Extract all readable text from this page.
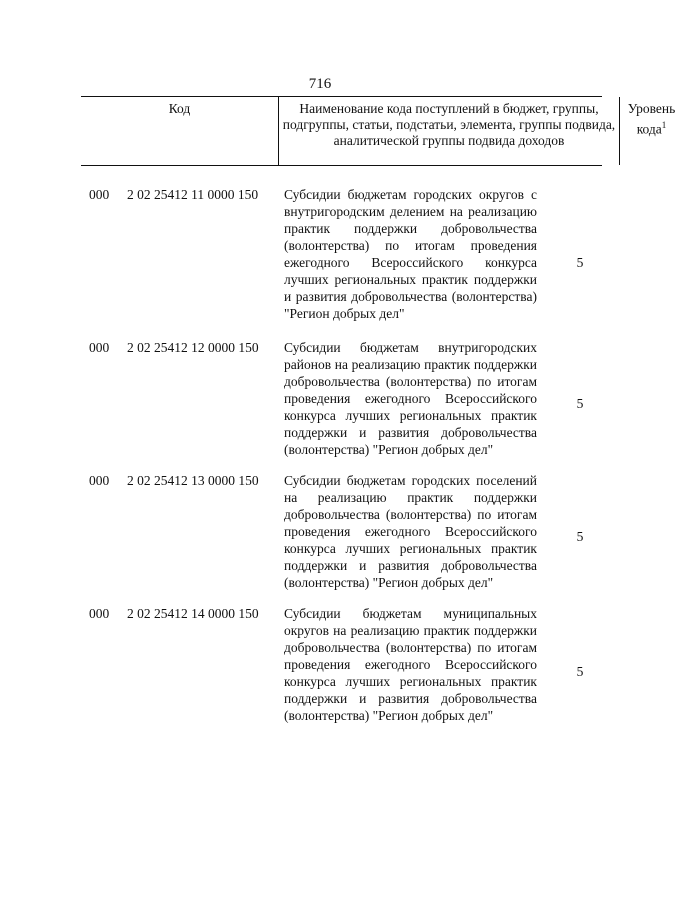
716
Код	Наименование кода поступлений в бюджет, группы, подгруппы, статьи, подстатьи, элемента, группы подвида, аналитической группы подвида доходов
Уровень кода$^1$
000 2 02 25412 11 0000 150 Субсидии бюджетам городских округов с внутригородским делением на реализацию практик поддержки добровольчества (волонтерства) по итогам проведения ежегодного Всероссийского конкурса лучших региональных практик поддержки и развития добровольчества (волонтерства) "Регион добрых дел"
5
000 2 02 25412 12 0000 150 Субсидии бюджетам внутригородских районов на реализацию практик поддержки добровольчества (волонтерства) по итогам проведения ежегодного Всероссийского конкурса лучших региональных практик поддержки и развития добровольчества (волонтерства) "Регион добрых дел"
5
000 2 02 25412 13 0000 150 Субсидии бюджетам городских поселений на реализацию практик поддержки добровольчества (волонтерства) по итогам проведения ежегодного Всероссийского конкурса лучших региональных практик поддержки и развития добровольчества (волонтерства) "Регион добрых дел"
5
000 2 02 25412 14 0000 150 Субсидии бюджетам муниципальных округов на реализацию практик поддержки добровольчества (волонтерства) по итогам проведения ежегодного Всероссийского конкурса лучших региональных практик поддержки и развития добровольчества (волонтерства) "Регион добрых дел"
5
